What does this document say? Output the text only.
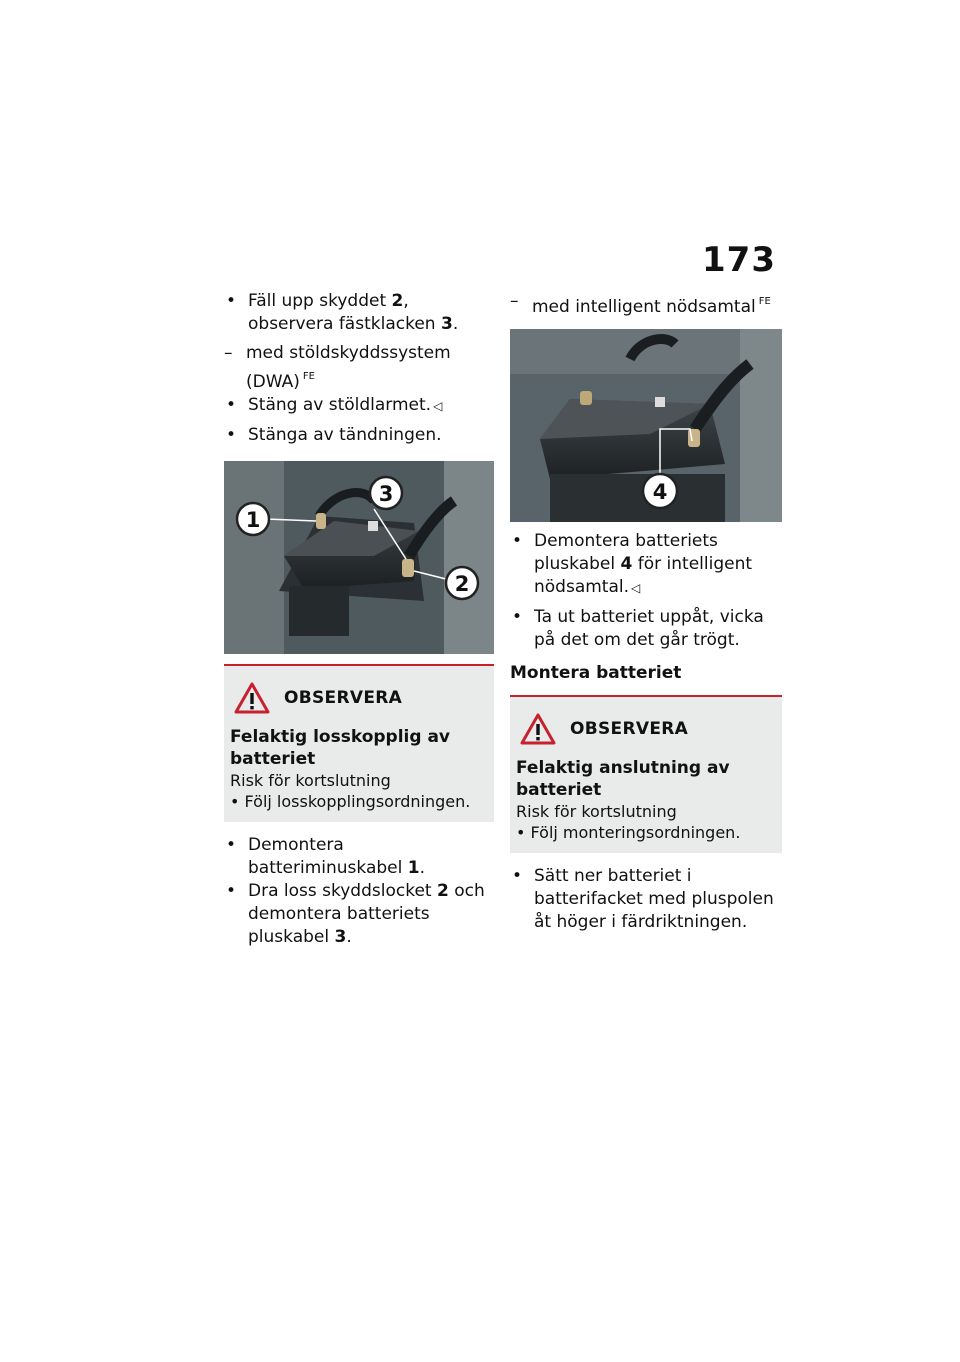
173
• Fäll upp skyddet 2, observera fästklacken 3.
– med stöldskyddssystem (DWA) $^{FE}$
• Stäng av stöldlarmet. ◁
• Stänga av tändningen.
1
3
2
OBSERVERA
Felaktig losskopplig av batteriet
Risk för kortslutning
• Följ losskopplingsordningen.
• Demontera batteriminuskabel 1.
• Dra loss skyddslocket 2 och demontera batteriets pluskabel 3.
– med intelligent nödsamtal $^{FE}$
4
• Demontera batteriets pluskabel 4 för intelligent nödsamtal. ◁
• Ta ut batteriet uppåt, vicka på det om det går trögt.
Montera batteriet
OBSERVERA
Felaktig anslutning av batteriet
Risk för kortslutning
• Följ monteringsordningen.
• Sätt ner batteriet i batterifacket med pluspolen åt höger i färdriktningen.
